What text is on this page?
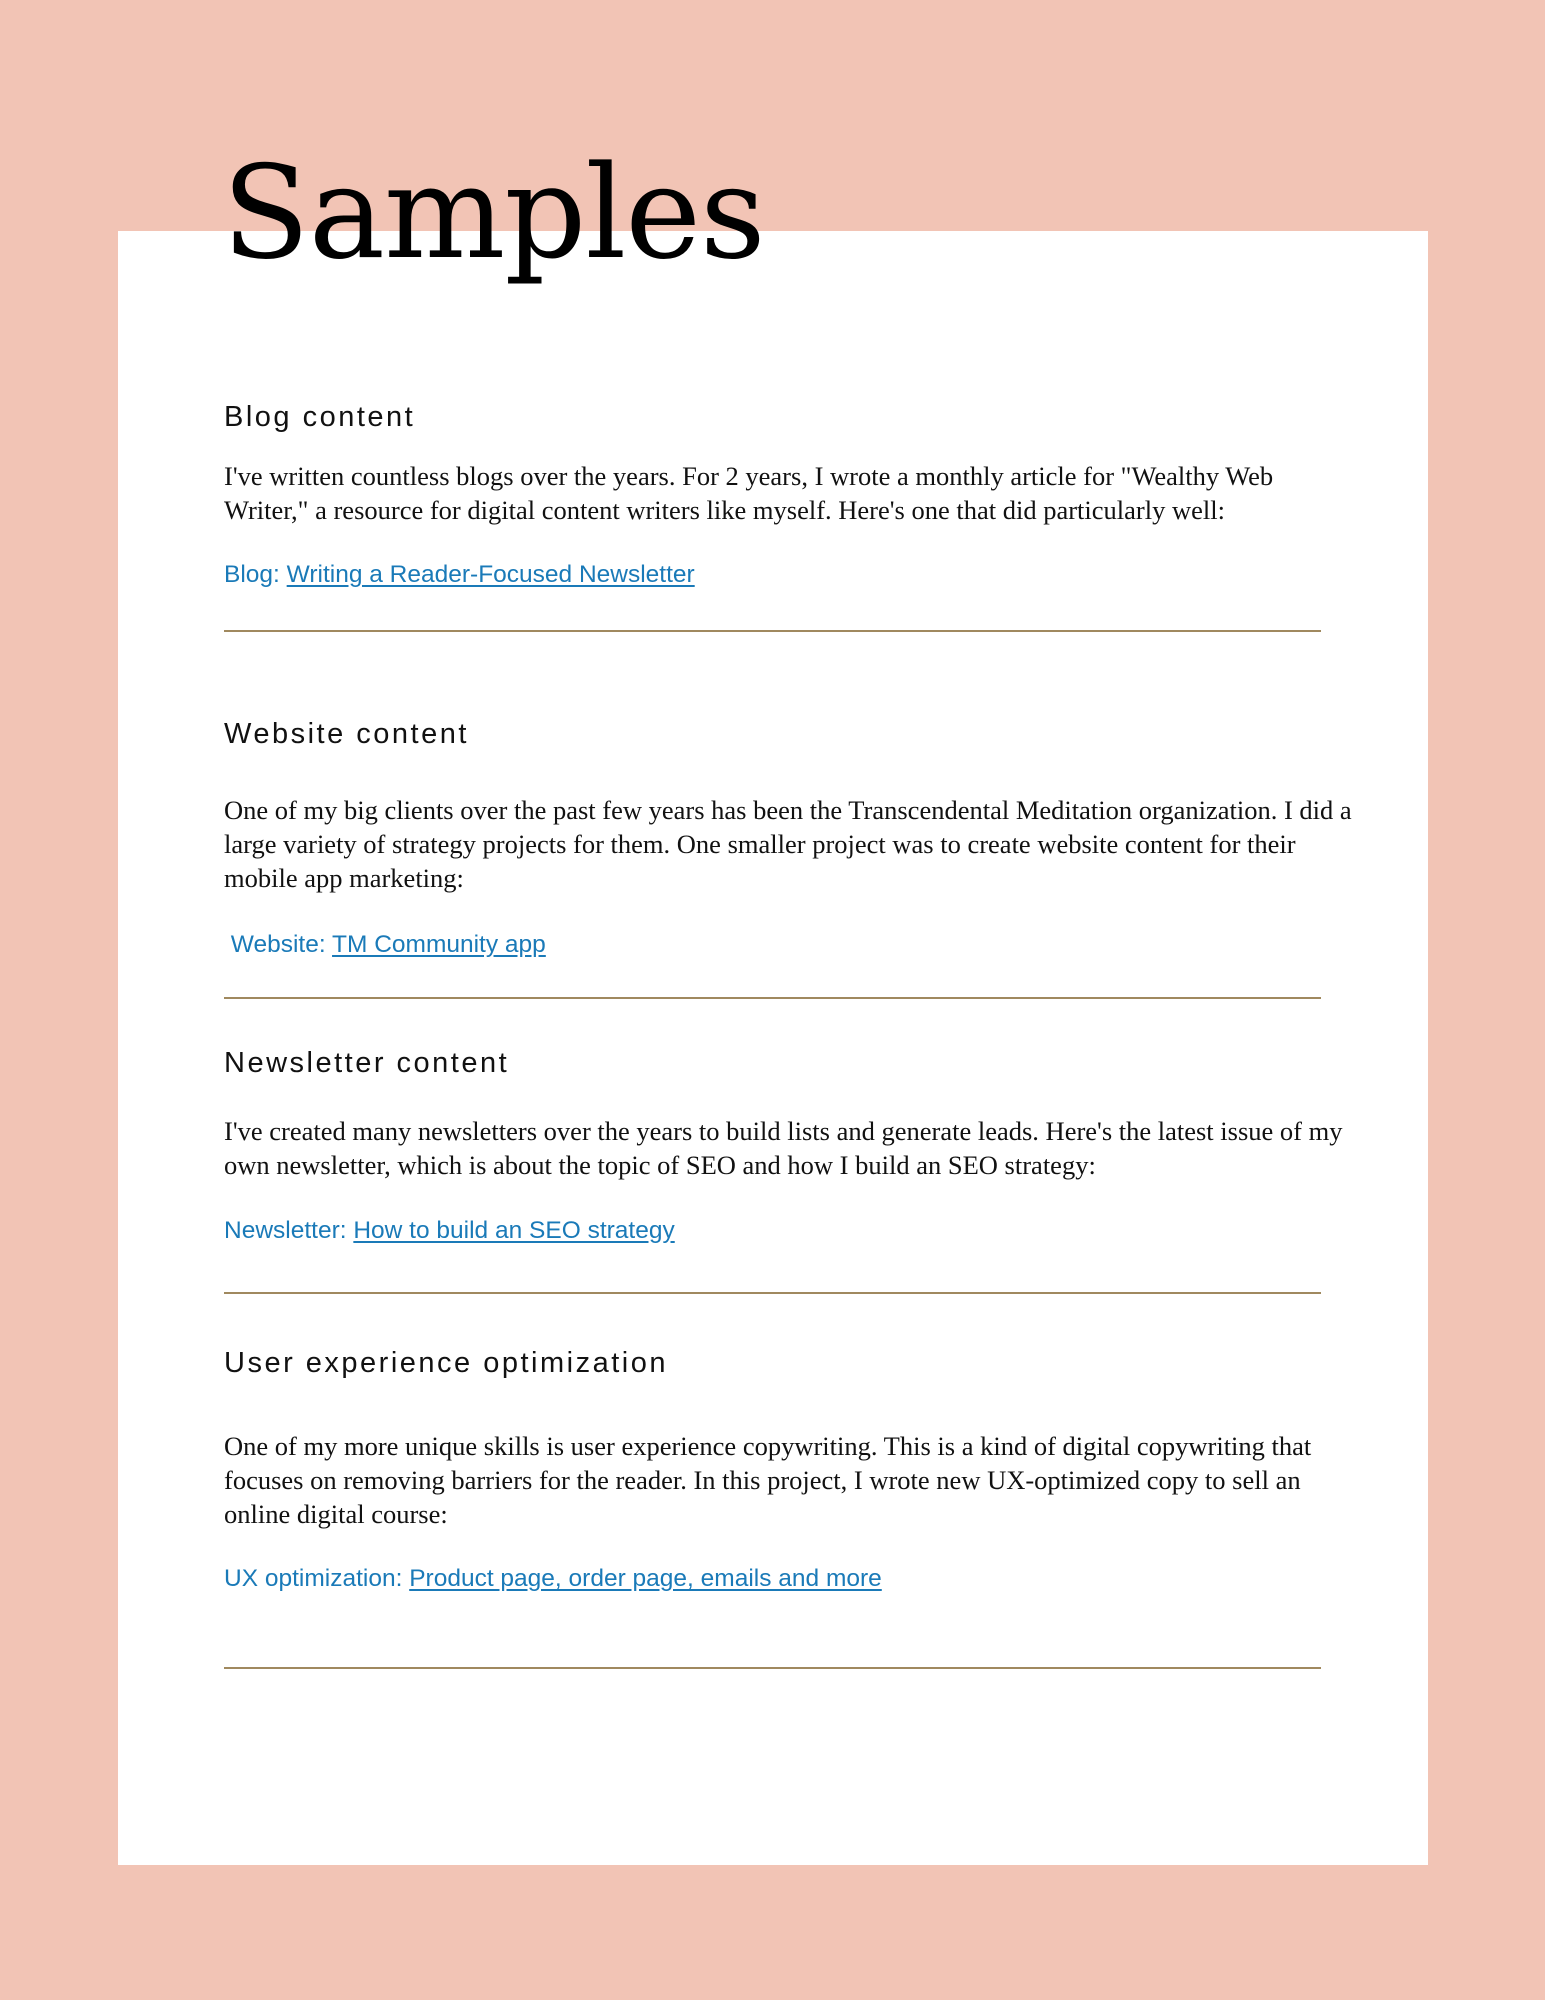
Samples
Blog content

I've written countless blogs over the years. For 2 years, I wrote a monthly article for "Wealthy Web Writer," a resource for digital content writers like myself. Here's one that did particularly well:

Blog: Writing a Reader-Focused Newsletter

Website content

One of my big clients over the past few years has been the Transcendental Meditation organization. I did a large variety of strategy projects for them. One smaller project was to create website content for their mobile app marketing:

Website: TM Community app

Newsletter content

I've created many newsletters over the years to build lists and generate leads. Here's the latest issue of my own newsletter, which is about the topic of SEO and how I build an SEO strategy:

Newsletter: How to build an SEO strategy

User experience optimization

One of my more unique skills is user experience copywriting. This is a kind of digital copywriting that focuses on removing barriers for the reader. In this project, I wrote new UX-optimized copy to sell an online digital course:

UX optimization: Product page, order page, emails and more
